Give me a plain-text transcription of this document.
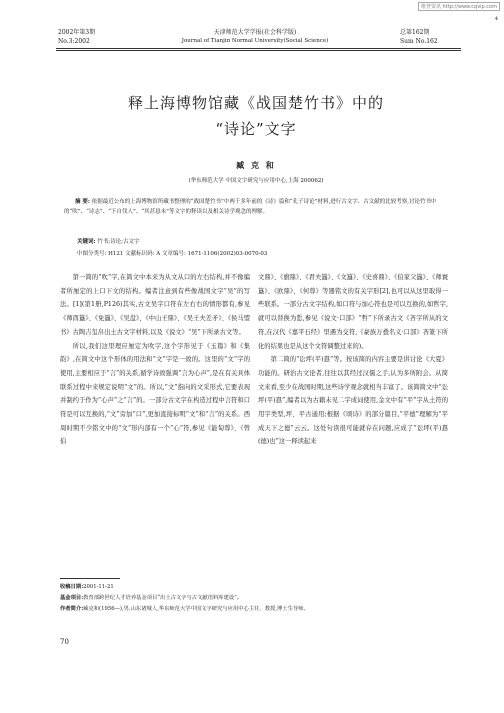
维普资讯 http://www.cqvip.com
4
2002年第3期
No.3:2002
天津师范大学学报(社会科学版)
Journal of Tianjin Normal University(Social Science)
总第162期
Sum No.162
释上海博物馆藏《战国楚竹书》中的
“诗论”文字
臧 克 和
(华东师范大学 中国文字研究与应用中心,上海 200062)
摘 要: 依据最近公布的上海博物馆所藏书整理的“战国楚竹书”中两千多年前的《诗》篇和“孔子诗论”材料,进行古文字、古文献的比较考察,讨论竹书中的“吹”、“诗志”、“下自伐人”、“其甚恳未”等文字的释读以及相关诗学观念的理解。
关键词: 竹书;诗论;古文字
中图分类号: H121 文献标识码: A 文章编号: 1671-1106(2002)03-0070-03

第一简的“吹”字,在简文中本来为从文从口的左右结构,并不像编者所厘定的上口下文的结构。编者注意到有些像战国文字“吴”的写法。[1](第1册,P126)其实,古文吴字口符在左右右的情形都有,参见《师酉簋》、《免簋》、《吴盘》、《中山王鼎》、《吴王夫差矛》、《侯马盟书》古陶吉玺帛出土古文字材料,以及《说文》“吴”下所录古文等。

所以,我们这里理应厘定为吹字,这个字形见于《玉篇》和《集韵》,在简文中这个形体的用法和“文”字是一致的。这里的“文”字的使用,主要相应于“言”的关系,循学诗致强调“言为心声”,是在有关具体联系过程中来规定说明“文”的。所以,“文”指向的文采形式,它要表现并制约于作为“心声”之“言”的。一部分古文字在构造过程中言符和口符是可以互换的,“文”旁加“口”,更加直接标明“文”和“言”的关系。西周时期不少铭文中的“文”形内部有一个“心”符,参见《能匋尊》、《曾伯

文鼎》、《旗鼎》、《君夫簋》、《文簋》、《史喜鼎》、《伯家父簋》、《师寰簋》、《欧鼎》、《何尊》等器铭文的有关字形[2],也可以从这里取得一些联系。一部分古文字结构,如口符与加心符也是可以互换的,如哲字,就可以替换为悊,参见《说文·口部》“哲”下所录古文《吝字所从的文符,在汉代《嘉平石经》里遇为交符,《豪族万叠名义·口部》吝篆下所化的结果也是从这个文符调整过来的)。

第二简的“讼坪(平)惪”等。按该简的内容主要是讲讨论《大夏》功能的。研治古文论者,往往以其经过汉儒之手,认为多所附会。从简文来看,至少在战国时期,这些诗学观念就相当丰富了。该简简文中“讼坪(平)惪”,编者以为古籍未见二字成词使用,金文中有“平”字从土符的用字类型,坪、平古通用;根据《颂诗》的部分篇目,“平德”理解为“平成天下之德”云云。这处句读很可能就存在问题,应成了“讼坪(平)惪(德)也”这一释读起来

收稿日期:2001-11-21
基金项目:教育部跨世纪人才培养基金项目“出土古文字与古文献语料库建设”。
作者简介:臧克和(1956—),男,山东诸城人,华东师范大学中国文字研究与应用中心主任、教授,博士生导师。
70
